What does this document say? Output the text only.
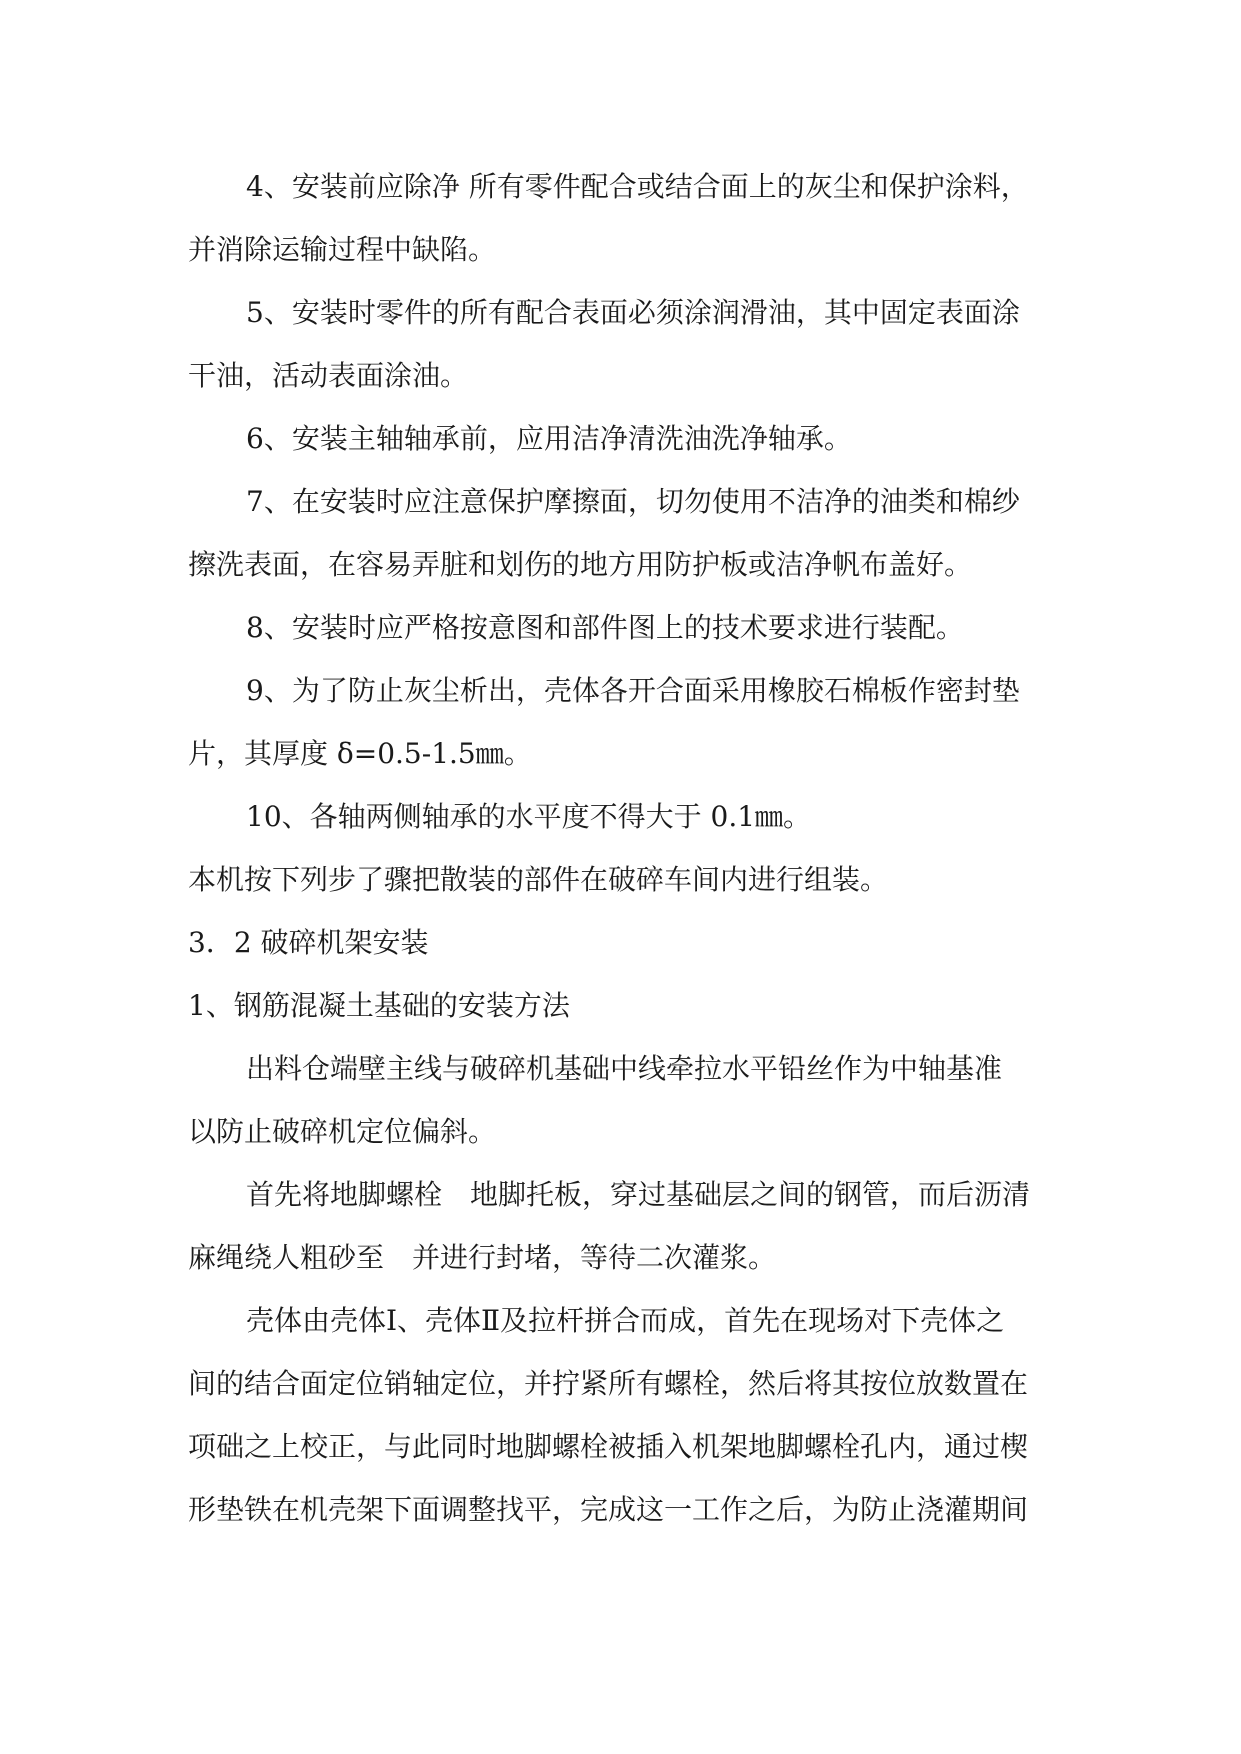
4、安装前应除净 所有零件配合或结合面上的灰尘和保护涂料，
并消除运输过程中缺陷。

5、安装时零件的所有配合表面必须涂润滑油，其中固定表面涂
干油，活动表面涂油。

6、安装主轴轴承前，应用洁净清洗油洗净轴承。

7、在安装时应注意保护摩擦面，切勿使用不洁净的油类和棉纱
擦洗表面，在容易弄脏和划伤的地方用防护板或洁净帆布盖好。

8、安装时应严格按意图和部件图上的技术要求进行装配。

9、为了防止灰尘析出，壳体各开合面采用橡胶石棉板作密封垫
片，其厚度 δ=0.5-1.5㎜。

10、各轴两侧轴承的水平度不得大于 0.1㎜。

本机按下列步了骤把散装的部件在破碎车间内进行组装。

3．2 破碎机架安装

1、钢筋混凝土基础的安装方法

出料仓端壁主线与破碎机基础中线牵拉水平铅丝作为中轴基准
以防止破碎机定位偏斜。

首先将地脚螺栓　地脚托板，穿过基础层之间的钢管，而后沥清
麻绳绕人粗砂至　并进行封堵，等待二次灌浆。

壳体由壳体Ⅰ、壳体Ⅱ及拉杆拼合而成，首先在现场对下壳体之
间的结合面定位销轴定位，并拧紧所有螺栓，然后将其按位放数置在
项础之上校正，与此同时地脚螺栓被插入机架地脚螺栓孔内，通过楔
形垫铁在机壳架下面调整找平，完成这一工作之后，为防止浇灌期间
